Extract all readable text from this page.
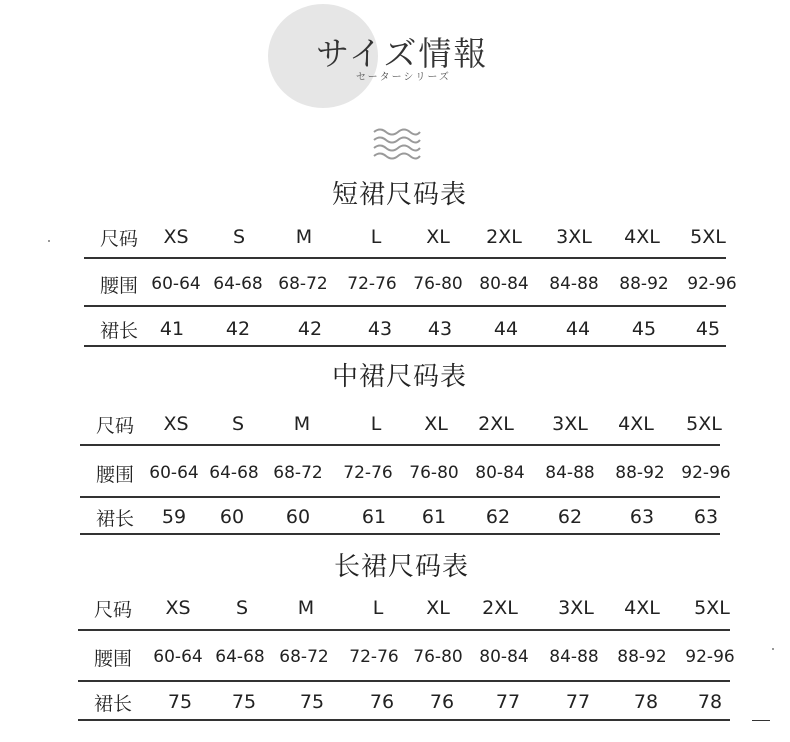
サイズ情報
セーターシリーズ
短裙尺码表
尺码	XS	S	M	L	XL	2XL	3XL	4XL	5XL
腰围 60-64 64-68 68-72	72-76 76-80 80-84	84-88	88-92	92-96
裙长	41	42	42	43	43	44	44	45	45
中裙尺码表
尺码	XS	S	M	L	XL	2XL	3XL	4XL	5XL
腰围 60-64 64-68 68-72	72-76 76-80 80-84	84-88	88-92 92-96
裙长	59	60	60	61	61	62	62	63	63
长裙尺码表
尺码	XS	S	M	L	XL	2XL	3XL	4XL	5XL
腰围	60-64 64-68 68-72	72-76 76-80 80-84	84-88	88-92	92-96
裙长	75	75	75	76	76	77	77	78	78
